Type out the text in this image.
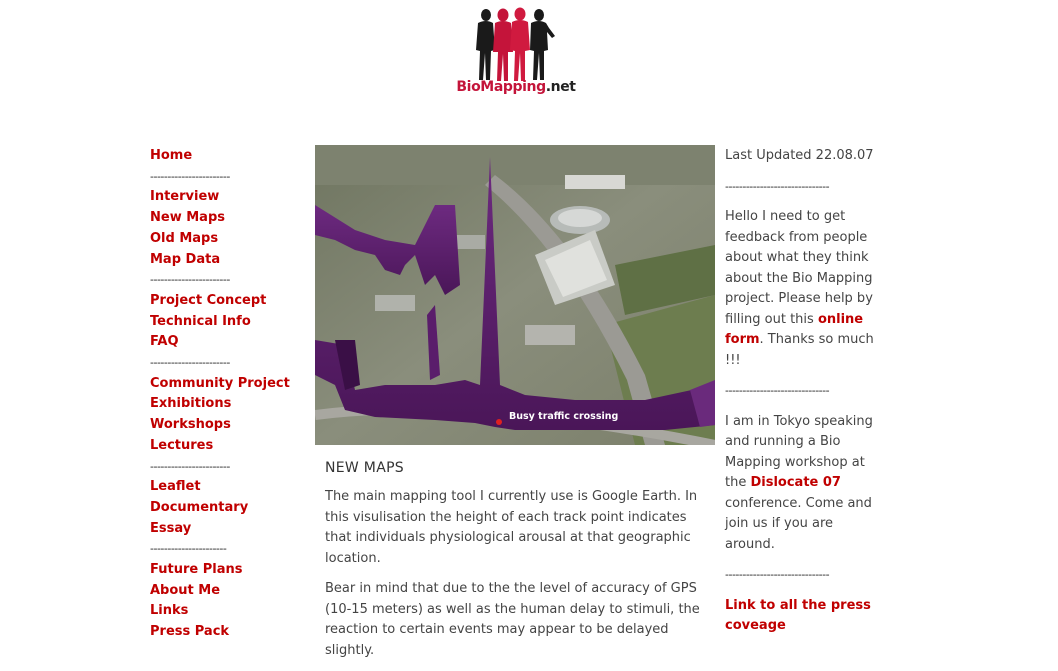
BioMapping.net
Home
-----------------------
Interview
New Maps
Old Maps
Map Data
-----------------------
Project Concept
Technical Info
FAQ
-----------------------
Community Project
Exhibitions
Workshops
Lectures
-----------------------
Leaflet
Documentary
Essay
----------------------
Future Plans
About Me
Links
Press Pack
Busy traffic crossing
NEW MAPS

The main mapping tool I currently use is Google Earth. In this visulisation the height of each track point indicates that individuals physiological arousal at that geographic location.

Bear in mind that due to the the level of accuracy of GPS (10-15 meters) as well as the human delay to stimuli, the reaction to certain events may appear to be delayed slightly.

Last Updated 22.08.07

------------------------------

Hello I need to get feedback from people about what they think about the Bio Mapping project. Please help by filling out this online form. Thanks so much !!!

------------------------------

I am in Tokyo speaking and running a Bio Mapping workshop at the Dislocate 07 conference. Come and join us if you are around.

------------------------------

Link to all the press coveage
